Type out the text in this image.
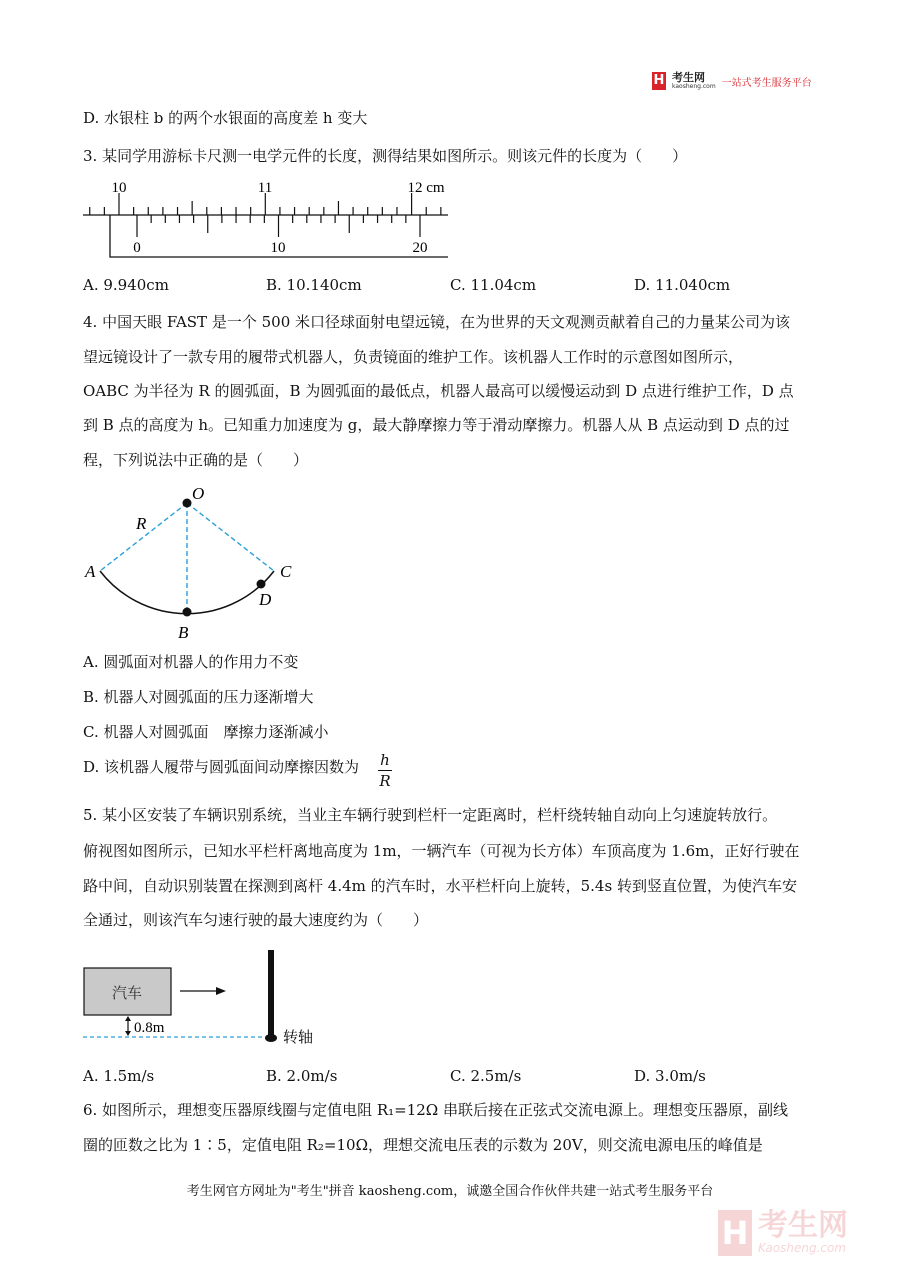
H 考生网
kaosheng.com 一站式考生服务平台
D. 水银柱 b 的两个水银面的高度差 h 变大
3. 某同学用游标卡尺测一电学元件的长度，测得结果如图所示。则该元件的长度为（　　）
10	11	12 cm
0	10	20
A. 9.940cm	B. 10.140cm	C. 11.04cm	D. 11.040cm
4. 中国天眼 FAST 是一个 500 米口径球面射电望远镜，在为世界的天文观测贡献着自己的力量某公司为该
望远镜设计了一款专用的履带式机器人，负责镜面的维护工作。该机器人工作时的示意图如图所示，
OABC 为半径为 R 的圆弧面，B 为圆弧面的最低点，机器人最高可以缓慢运动到 D 点进行维护工作，D 点
到 B 点的高度为 h。已知重力加速度为 g，最大静摩擦力等于滑动摩擦力。机器人从 B 点运动到 D 点的过
程，下列说法中正确的是（　　）
O
R
A	C
D
B
A. 圆弧面对机器人的作用力不变
B. 机器人对圆弧面的压力逐渐增大
C. 机器人对圆弧面　摩擦力逐渐减小
D. 该机器人履带与圆弧面间动摩擦因数为 h
R
5. 某小区安装了车辆识别系统，当业主车辆行驶到栏杆一定距离时，栏杆绕转轴自动向上匀速旋转放行。
俯视图如图所示，已知水平栏杆离地高度为 1m，一辆汽车（可视为长方体）车顶高度为 1.6m，正好行驶在
路中间，自动识别装置在探测到离杆 4.4m 的汽车时，水平栏杆向上旋转，5.4s 转到竖直位置，为使汽车安
全通过，则该汽车匀速行驶的最大速度约为（　　）
汽车
0.8m	转轴
A. 1.5m/s	B. 2.0m/s	C. 2.5m/s	D. 3.0m/s
6. 如图所示，理想变压器原线圈与定值电阻 R₁=12Ω 串联后接在正弦式交流电源上。理想变压器原，副线
圈的匝数之比为 1∶5，定值电阻 R₂=10Ω，理想交流电压表的示数为 20V，则交流电源电压的峰值是
考生网官方网址为"考生"拼音 kaosheng.com，诚邀全国合作伙伴共建一站式考生服务平台
H 考生网
Kaosheng.com
